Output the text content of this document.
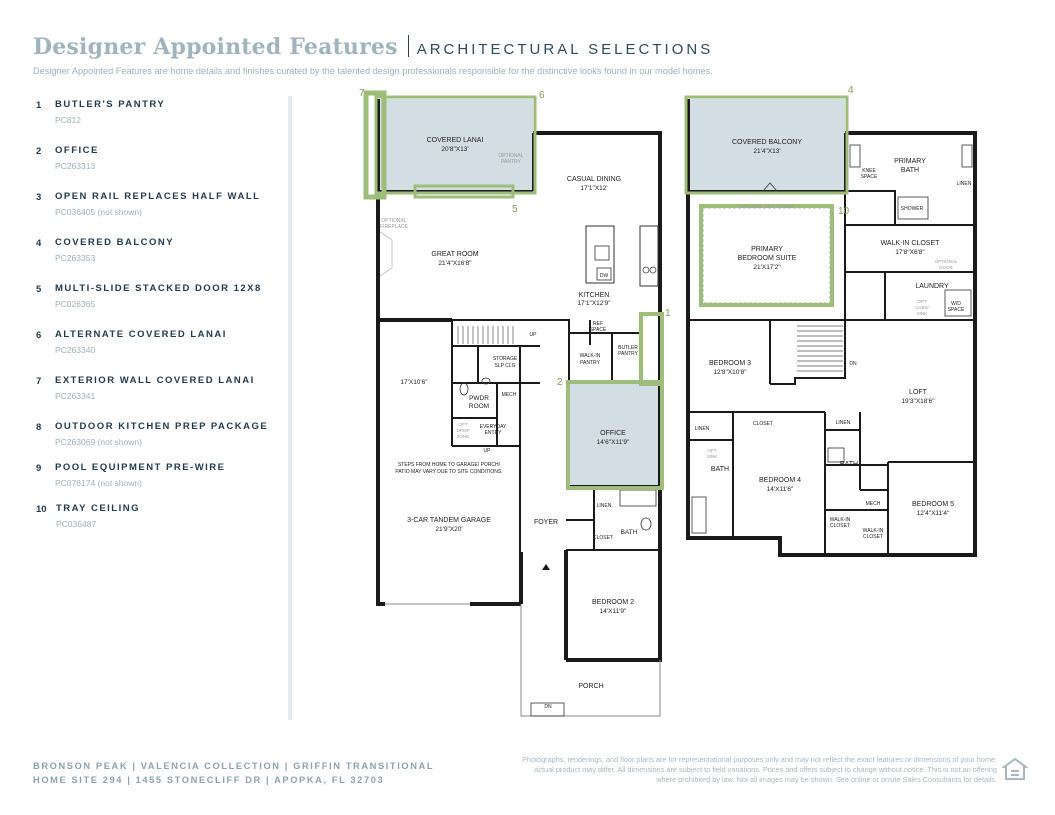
Designer Appointed Features ARCHITECTURAL SELECTIONS
Designer Appointed Features are home details and finishes curated by the talented design professionals responsible for the distinctive looks found in our model homes.
1 BUTLER'S PANTRY
PC812
2 OFFICE
PC263313
3 OPEN RAIL REPLACES HALF WALL
PC036405 (not shown)
4 COVERED BALCONY
PC263353
5 MULTI-SLIDE STACKED DOOR 12X8
PC026365
6 ALTERNATE COVERED LANAI
PC263340
7 EXTERIOR WALL COVERED LANAI
PC263341
8 OUTDOOR KITCHEN PREP PACKAGE
PC263069 (not shown)
9 POOL EQUIPMENT PRE-WIRE
PC078174 (not shown)
10 TRAY CEILING
PC036487
7	6
5
4
10
1
2
COVERED LANAI
20'8"X13'
OPTIONAL
PANTRY
CASUAL DINING
17'1"X12'
OPTIONAL
FIREPLACE
GREAT ROOM
21'4"X16'8"
DW
KITCHEN
17'1"X12'9"
REF
SPACE
BUTLER
PANTRY
WALK-IN
PANTRY
UP
STORAGE
SLP CLG
17'X10'6"
PWDR
ROOM
MECH
OPT
DROP
ZONE
EVERYDAY
ENTRY
UP
OFFICE
14'6"X11'9"
STEPS FROM HOME TO GARAGE/ PORCH/
PATIO MAY VARY DUE TO SITE CONDITIONS.
3-CAR TANDEM GARAGE
21'9"X20'
FOYER
LINEN
CLOSET
BATH
BEDROOM 2
14'X11'9"
PORCH
DN
COVERED BALCONY
21'4"X13'
OPTIONAL TRAY CEILING
KNEE
SPACE
PRIMARY
BATH
LINEN
SHOWER
PRIMARY
BEDROOM SUITE
21'X17'2"
WALK-IN CLOSET
17'8"X6'8"
OPTIONAL
DOOR
LAUNDRY
OPT
CABS/
SINK
W/D
SPACE
DN
BEDROOM 3
12'8"X10'8"
LOFT
19'3"X18'6"
LINEN
CLOSET	LINEN
OPT
SINK
BATH
BEDROOM 4
14'X11'6"
BATH
MECH
WALK-IN
CLOSET
WALK-IN
CLOSET
BEDROOM 5
12'4"X11'4"
BRONSON PEAK | VALENCIA COLLECTION | GRIFFIN TRANSITIONAL
HOME SITE 294 | 1455 STONECLIFF DR | APOPKA, FL 32703
Photographs, renderings, and floor plans are for representational purposes only and may not reflect the exact features or dimensions of your home; actual product may differ. All dimensions are subject to field variations. Prices and offers subject to change without notice. This is not an offering where prohibited by law. Not all images may be shown. See online or onsite Sales Consultants for details.
